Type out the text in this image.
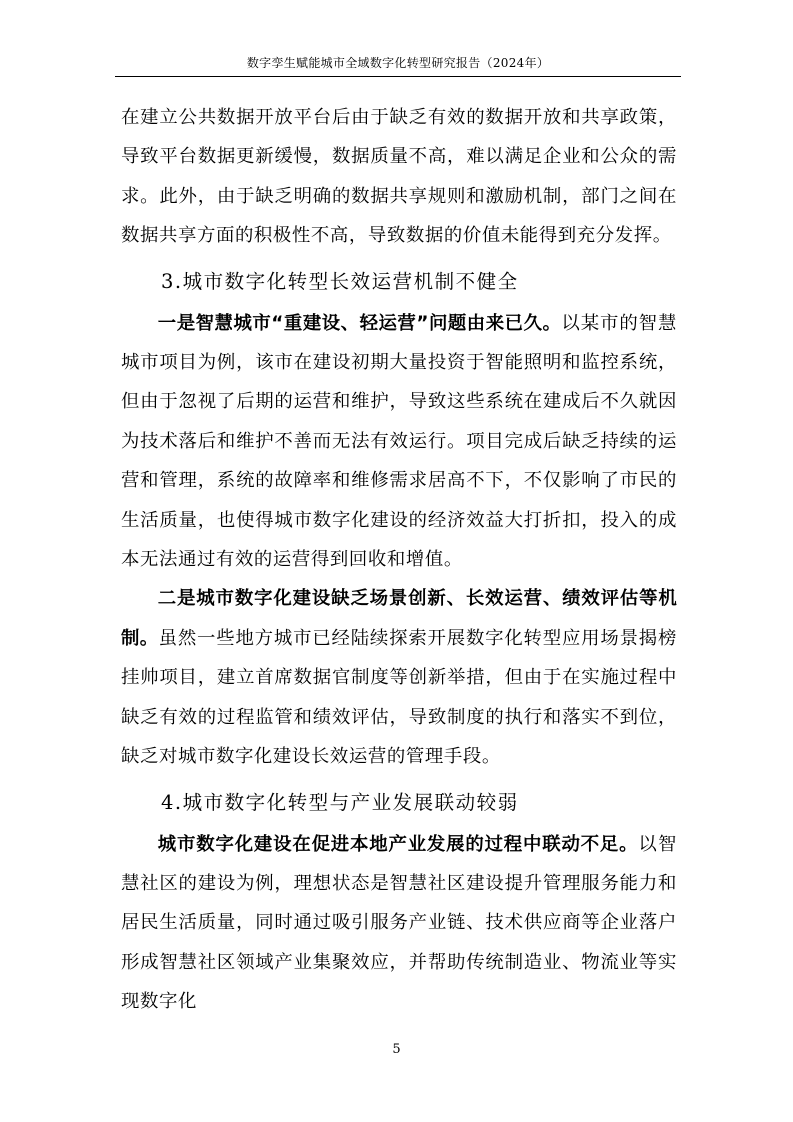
数字孪生赋能城市全域数字化转型研究报告（2024年）

在建立公共数据开放平台后由于缺乏有效的数据开放和共享政策，导致平台数据更新缓慢，数据质量不高，难以满足企业和公众的需求。此外，由于缺乏明确的数据共享规则和激励机制，部门之间在数据共享方面的积极性不高，导致数据的价值未能得到充分发挥。

3.城市数字化转型长效运营机制不健全

一是智慧城市“重建设、轻运营”问题由来已久。以某市的智慧城市项目为例，该市在建设初期大量投资于智能照明和监控系统，但由于忽视了后期的运营和维护，导致这些系统在建成后不久就因为技术落后和维护不善而无法有效运行。项目完成后缺乏持续的运营和管理，系统的故障率和维修需求居高不下，不仅影响了市民的生活质量，也使得城市数字化建设的经济效益大打折扣，投入的成本无法通过有效的运营得到回收和增值。

二是城市数字化建设缺乏场景创新、长效运营、绩效评估等机制。虽然一些地方城市已经陆续探索开展数字化转型应用场景揭榜挂帅项目，建立首席数据官制度等创新举措，但由于在实施过程中缺乏有效的过程监管和绩效评估，导致制度的执行和落实不到位，缺乏对城市数字化建设长效运营的管理手段。

4.城市数字化转型与产业发展联动较弱

城市数字化建设在促进本地产业发展的过程中联动不足。以智慧社区的建设为例，理想状态是智慧社区建设提升管理服务能力和居民生活质量，同时通过吸引服务产业链、技术供应商等企业落户形成智慧社区领域产业集聚效应，并帮助传统制造业、物流业等实现数字化

5
